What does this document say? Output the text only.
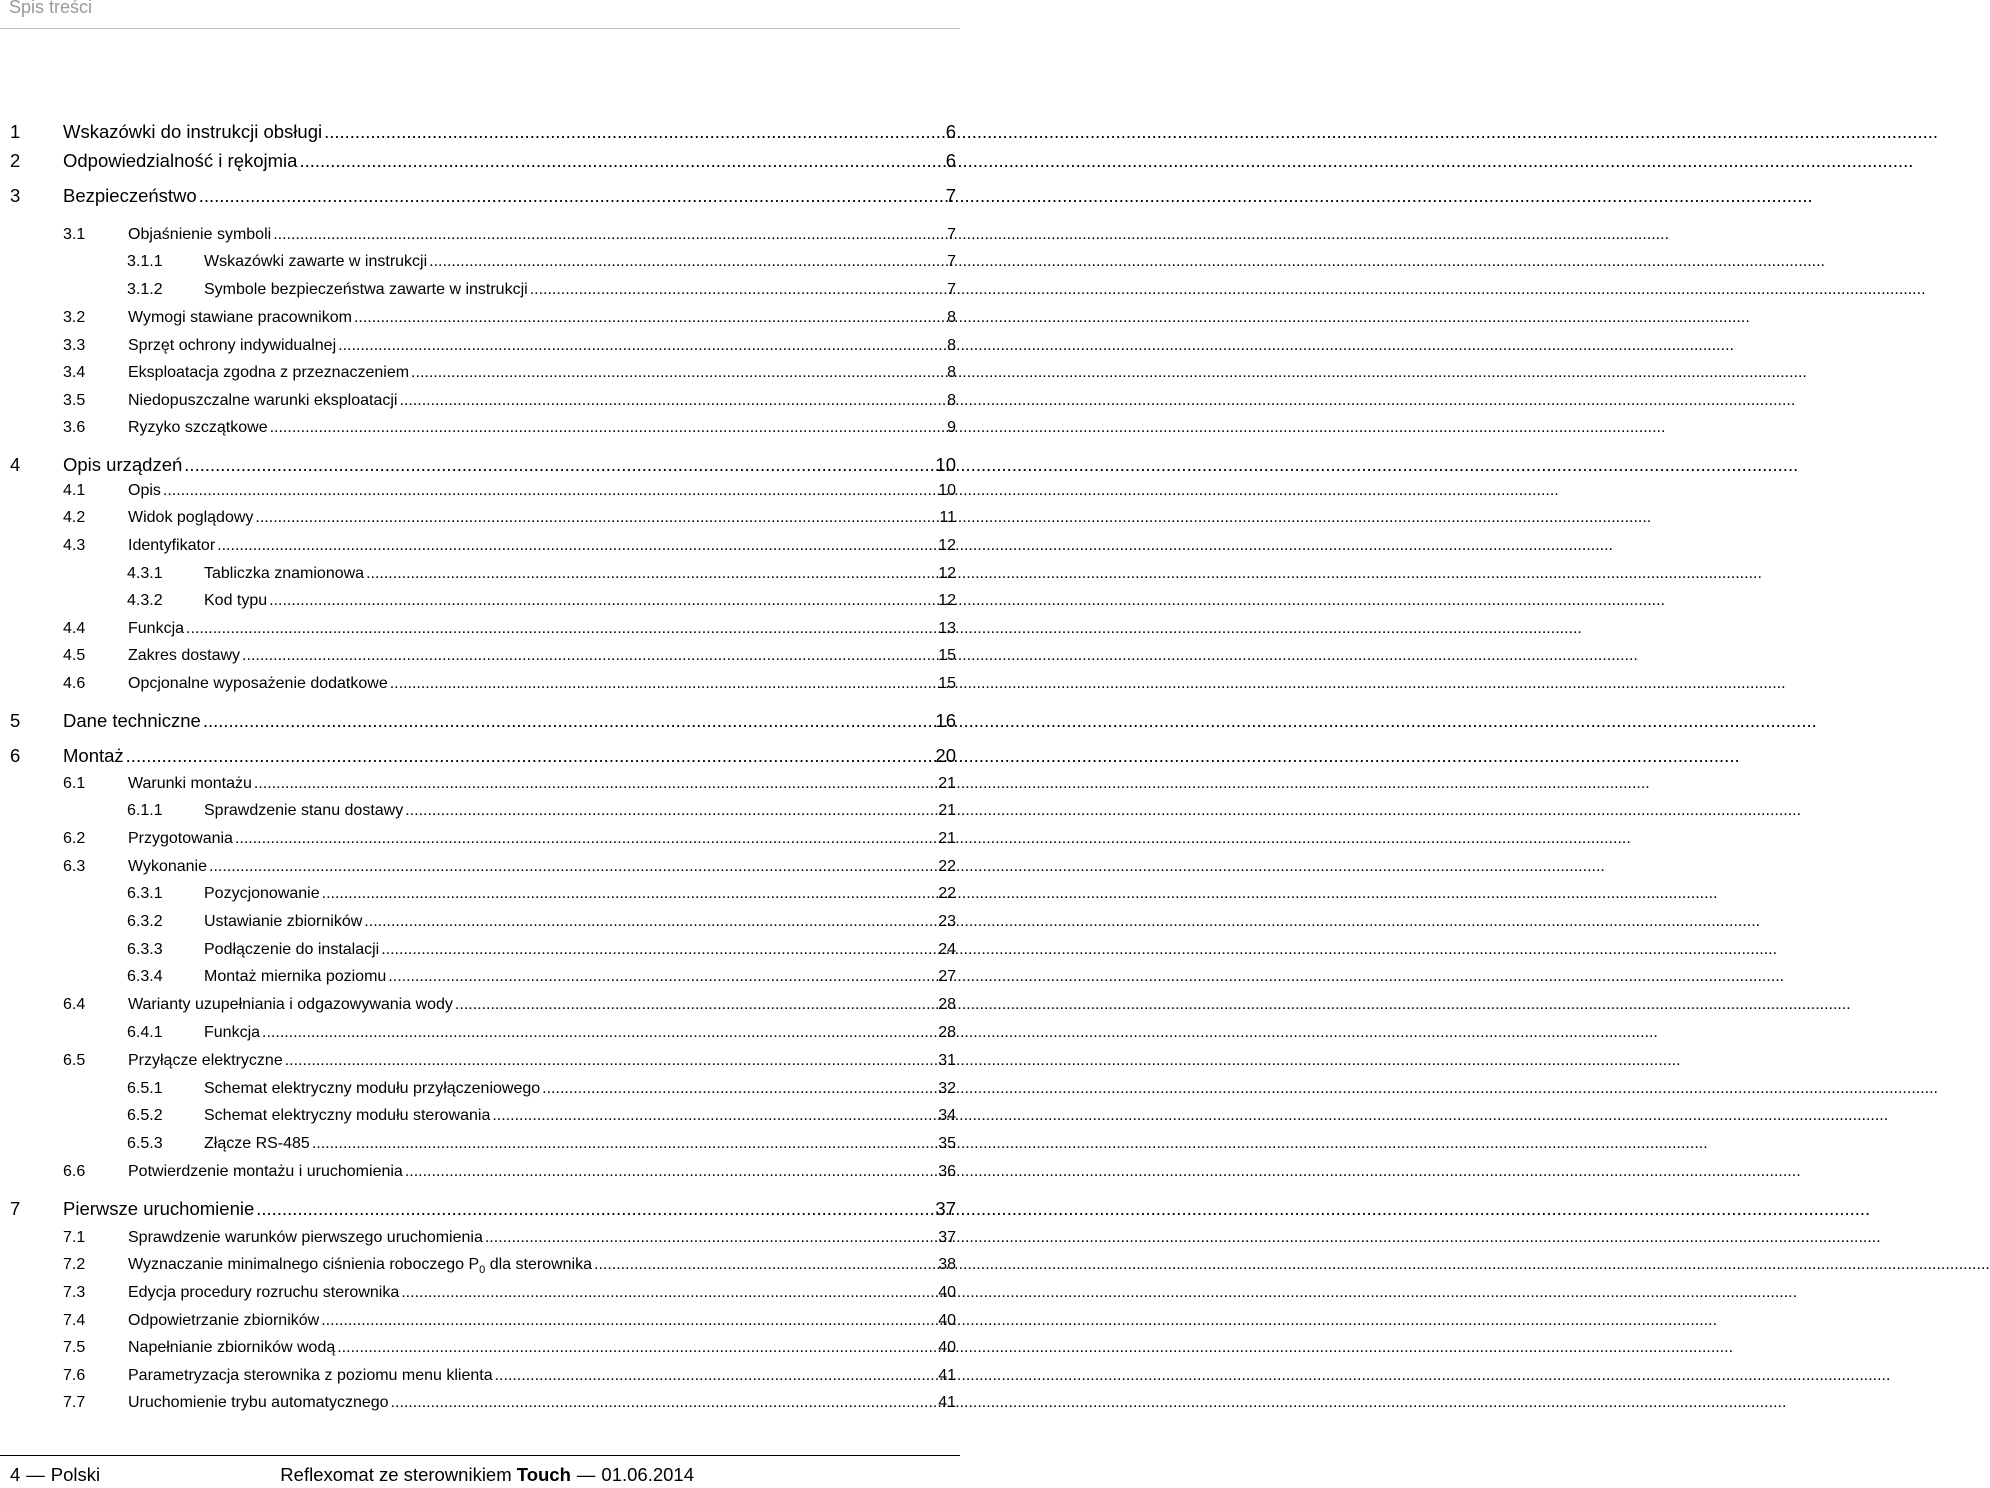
Spis treści
1 Wskazówki do instrukcji obsługi .....	6
2 Odpowiedzialność i rękojmia .....	6
3 Bezpieczeństwo .....	7
3.1	Objaśnienie symboli .....	7
3.1.1	Wskazówki zawarte w instrukcji .....	7
3.1.2	Symbole bezpieczeństwa zawarte w instrukcji .....	7
3.2	Wymogi stawiane pracownikom .....	8
3.3	Sprzęt ochrony indywidualnej .....	8
3.4	Eksploatacja zgodna z przeznaczeniem .....	8
3.5	Niedopuszczalne warunki eksploatacji .....	8
3.6	Ryzyko szczątkowe .....	9
4 Opis urządzeń .....	10
4.1	Opis .....	10
4.2	Widok poglądowy .....	11
4.3	Identyfikator .....	12
4.3.1	Tabliczka znamionowa .....	12
4.3.2	Kod typu .....	12
4.4	Funkcja .....	13
4.5	Zakres dostawy .....	15
4.6	Opcjonalne wyposażenie dodatkowe .....	15
5 Dane techniczne .....	16
6 Montaż .....	20
6.1	Warunki montażu .....	21
6.1.1	Sprawdzenie stanu dostawy .....	21
6.2	Przygotowania .....	21
6.3	Wykonanie .....	22
6.3.1	Pozycjonowanie .....	22
6.3.2	Ustawianie zbiorników .....	23
6.3.3	Podłączenie do instalacji .....	24
6.3.4	Montaż miernika poziomu .....	27
6.4	Warianty uzupełniania i odgazowywania wody .....	28
6.4.1	Funkcja .....	28
6.5	Przyłącze elektryczne .....	31
6.5.1	Schemat elektryczny modułu przyłączeniowego .....	32
6.5.2	Schemat elektryczny modułu sterowania .....	34
6.5.3	Złącze RS-485 .....	35
6.6	Potwierdzenie montażu i uruchomienia .....	36
7 Pierwsze uruchomienie .....	37
7.1	Sprawdzenie warunków pierwszego uruchomienia .....	37
7.2	Wyznaczanie minimalnego ciśnienia roboczego $P_0$ dla sterownika .....	38
7.3	Edycja procedury rozruchu sterownika .....	40
7.4	Odpowietrzanie zbiorników .....	40
7.5	Napełnianie zbiorników wodą .....	40
7.6	Parametryzacja sterownika z poziomu menu klienta .....	41
7.7	Uruchomienie trybu automatycznego .....	41
4 — Polski	Reflexomat ze sterownikiem Touch — 01.06.2014
